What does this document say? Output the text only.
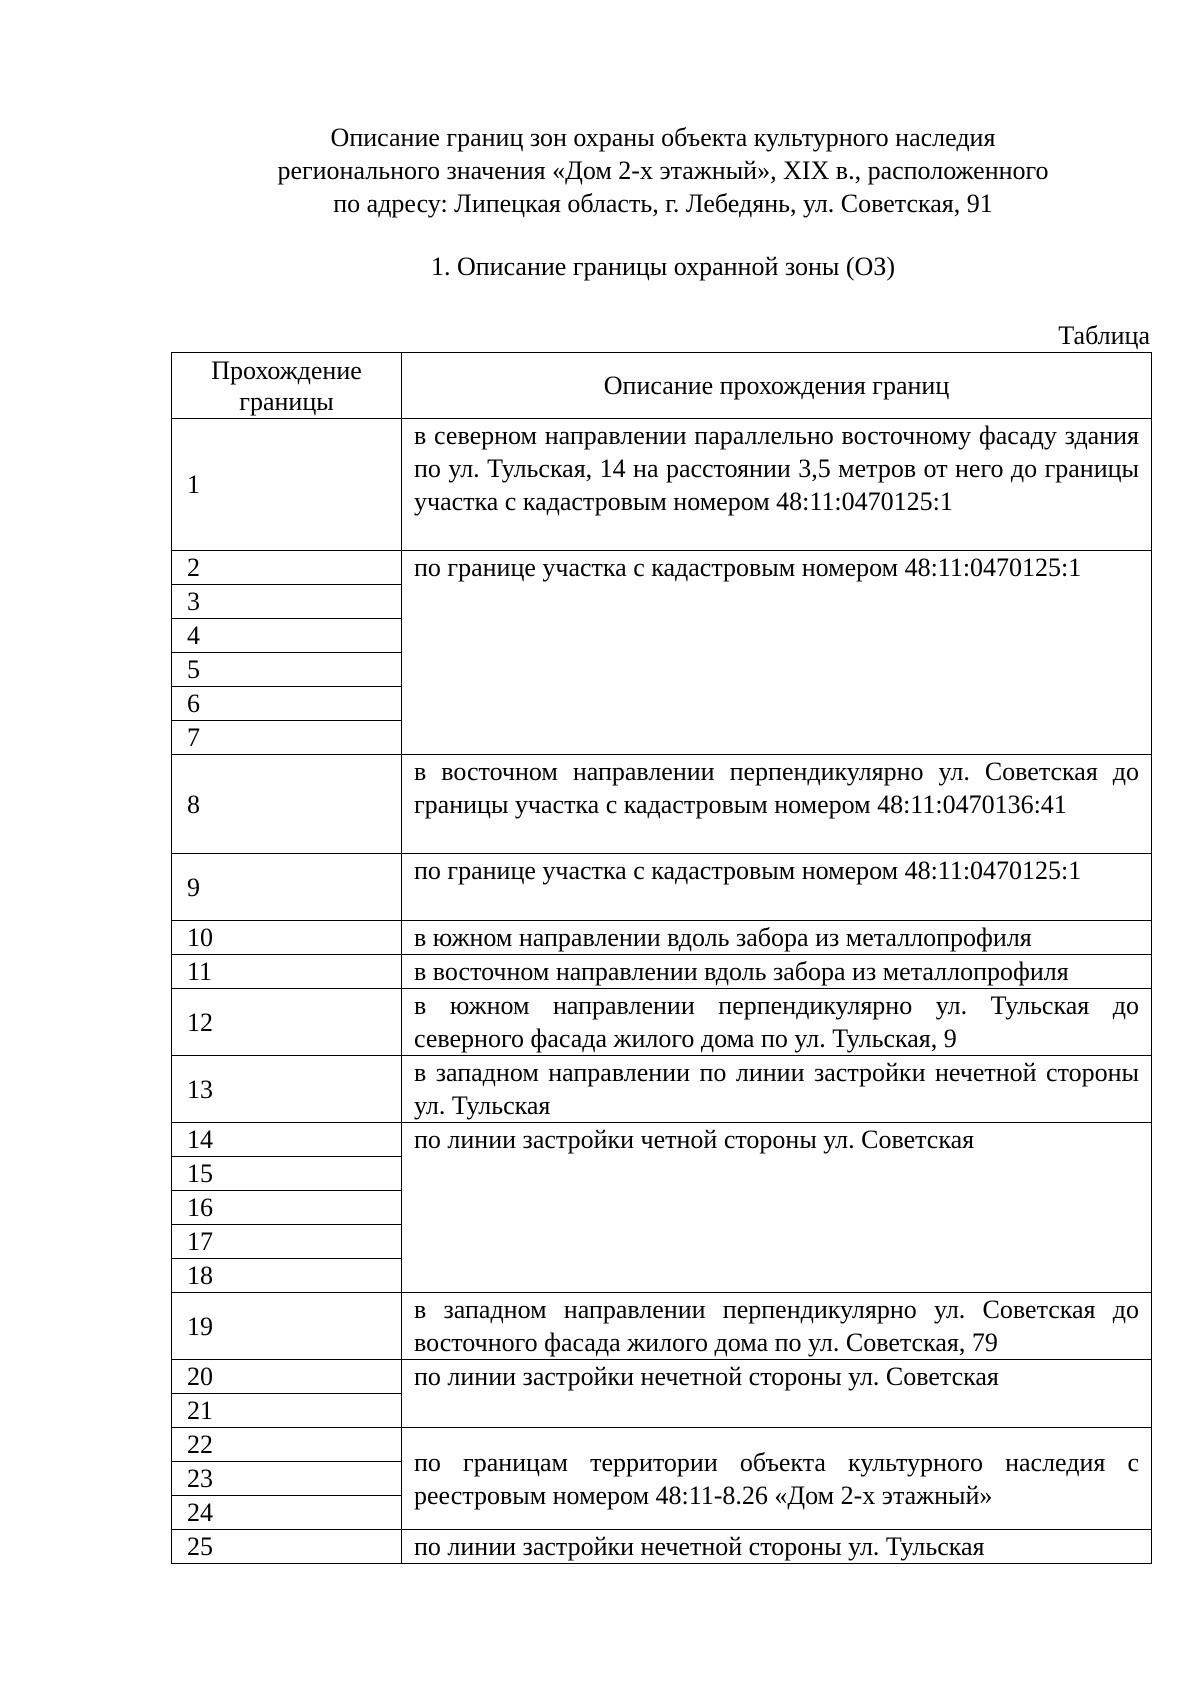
Описание границ зон охраны объекта культурного наследия
регионального значения «Дом 2-х этажный», XIX в., расположенного
по адресу: Липецкая область, г. Лебедянь, ул. Советская, 91
1. Описание границы охранной зоны (ОЗ)
Таблица
Прохождение границы	Описание прохождения границ
1	в северном направлении параллельно восточному фасаду здания по ул. Тульская, 14 на расстоянии 3,5 метров от него до границы участка с кадастровым номером 48:11:0470125:1
2	по границе участка с кадастровым номером 48:11:0470125:1
3	
4	
5	
6	
7	
8	в восточном направлении перпендикулярно ул. Советская до границы участка с кадастровым номером 48:11:0470136:41
9	по границе участка с кадастровым номером 48:11:0470125:1
10	в южном направлении вдоль забора из металлопрофиля
11	в восточном направлении вдоль забора из металлопрофиля
12	в южном направлении перпендикулярно ул. Тульская до северного фасада жилого дома по ул. Тульская, 9
13	в западном направлении по линии застройки нечетной стороны ул. Тульская
14	по линии застройки четной стороны ул. Советская
15	
16	
17	
18	
19	в западном направлении перпендикулярно ул. Советская до восточного фасада жилого дома по ул. Советская, 79
20	по линии застройки нечетной стороны ул. Советская
21	
22	по границам территории объекта культурного наследия с реестровым номером 48:11-8.26 «Дом 2-х этажный»
23	
24	
25	по линии застройки нечетной стороны ул. Тульская
